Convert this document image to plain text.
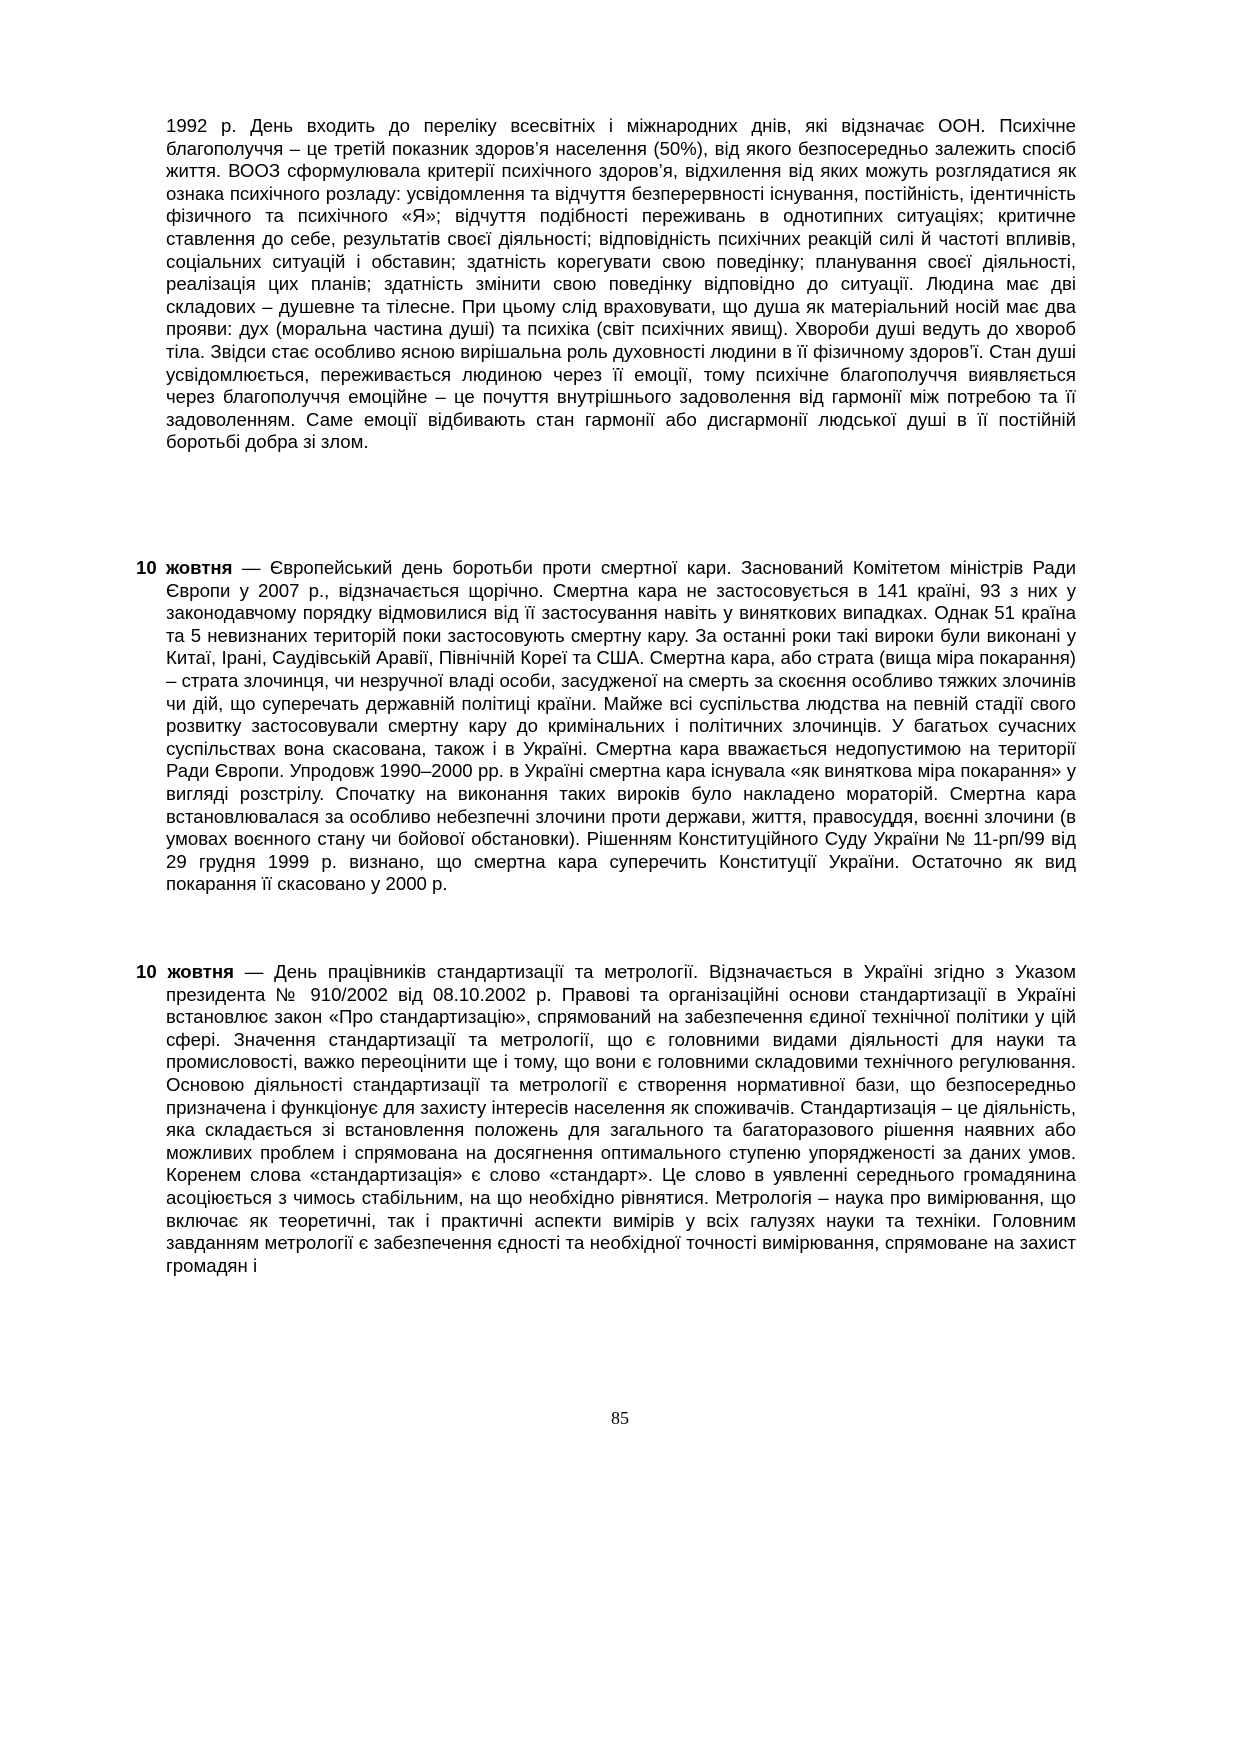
1992 р. День входить до переліку всесвітніх і міжнародних днів, які відзначає ООН. Психічне благополуччя – це третій показник здоров’я населення (50%), від якого безпосередньо залежить спосіб життя. ВООЗ сформулювала критерії психічного здоров’я, відхилення від яких можуть розглядатися як ознака психічного розладу: усвідомлення та відчуття безперервності існування, постійність, ідентичність фізичного та психічного «Я»; відчуття подібності переживань в однотипних ситуаціях; критичне ставлення до себе, результатів своєї діяльності; відповідність психічних реакцій силі й частоті впливів, соціальних ситуацій і обставин; здатність корегувати свою поведінку; планування своєї діяльності, реалізація цих планів; здатність змінити свою поведінку відповідно до ситуації. Людина має дві складових – душевне та тілесне. При цьому слід враховувати, що душа як матеріальний носій має два прояви: дух (моральна частина душі) та психіка (світ психічних явищ). Хвороби душі ведуть до хвороб тіла. Звідси стає особливо ясною вирішальна роль духовності людини в її фізичному здоров’ї. Стан душі усвідомлюється, переживається людиною через її емоції, тому психічне благополуччя виявляється через благополуччя емоційне – це почуття внутрішнього задоволення від гармонії між потребою та її задоволенням. Саме емоції відбивають стан гармонії або дисгармонії людської душі в її постійній боротьбі добра зі злом.

10 жовтня — Європейський день боротьби проти смертної кари. Заснований Комітетом міністрів Ради Європи у 2007 р., відзначається щорічно. Смертна кара не застосовується в 141 країні, 93 з них у законодавчому порядку відмовилися від її застосування навіть у виняткових випадках. Однак 51 країна та 5 невизнаних територій поки застосовують смертну кару. За останні роки такі вироки були виконані у Китаї, Ірані, Саудівській Аравії, Північній Кореї та США. Смертна кара, або страта (вища міра покарання) – страта злочинця, чи незручної владі особи, засудженої на смерть за скоєння особливо тяжких злочинів чи дій, що суперечать державній політиці країни. Майже всі суспільства людства на певній стадії свого розвитку застосовували смертну кару до кримінальних і політичних злочинців. У багатьох сучасних суспільствах вона скасована, також і в Україні. Смертна кара вважається недопустимою на території Ради Європи. Упродовж 1990–2000 рр. в Україні смертна кара існувала «як виняткова міра покарання» у вигляді розстрілу. Спочатку на виконання таких вироків було накладено мораторій. Смертна кара встановлювалася за особливо небезпечні злочини проти держави, життя, правосуддя, воєнні злочини (в умовах воєнного стану чи бойової обстановки). Рішенням Конституційного Суду України № 11-рп/99 від 29 грудня 1999 р. визнано, що смертна кара суперечить Конституції України. Остаточно як вид покарання її скасовано у 2000 р.

10 жовтня — День працівників стандартизації та метрології. Відзначається в Україні згідно з Указом президента № 910/2002 від 08.10.2002 р. Правові та організаційні основи стандартизації в Україні встановлює закон «Про стандартизацію», спрямований на забезпечення єдиної технічної політики у цій сфері. Значення стандартизації та метрології, що є головними видами діяльності для науки та промисловості, важко переоцінити ще і тому, що вони є головними складовими технічного регулювання. Основою діяльності стандартизації та метрології є створення нормативної бази, що безпосередньо призначена і функціонує для захисту інтересів населення як споживачів. Стандартизація – це діяльність, яка складається зі встановлення положень для загального та багаторазового рішення наявних або можливих проблем і спрямована на досягнення оптимального ступеню упорядженості за даних умов. Коренем слова «стандартизація» є слово «стандарт». Це слово в уявленні середнього громадянина асоціюється з чимось стабільним, на що необхідно рівнятися. Метрологія – наука про вимірювання, що включає як теоретичні, так і практичні аспекти вимірів у всіх галузях науки та техніки. Головним завданням метрології є забезпечення єдності та необхідної точності вимірювання, спрямоване на захист громадян і

85
